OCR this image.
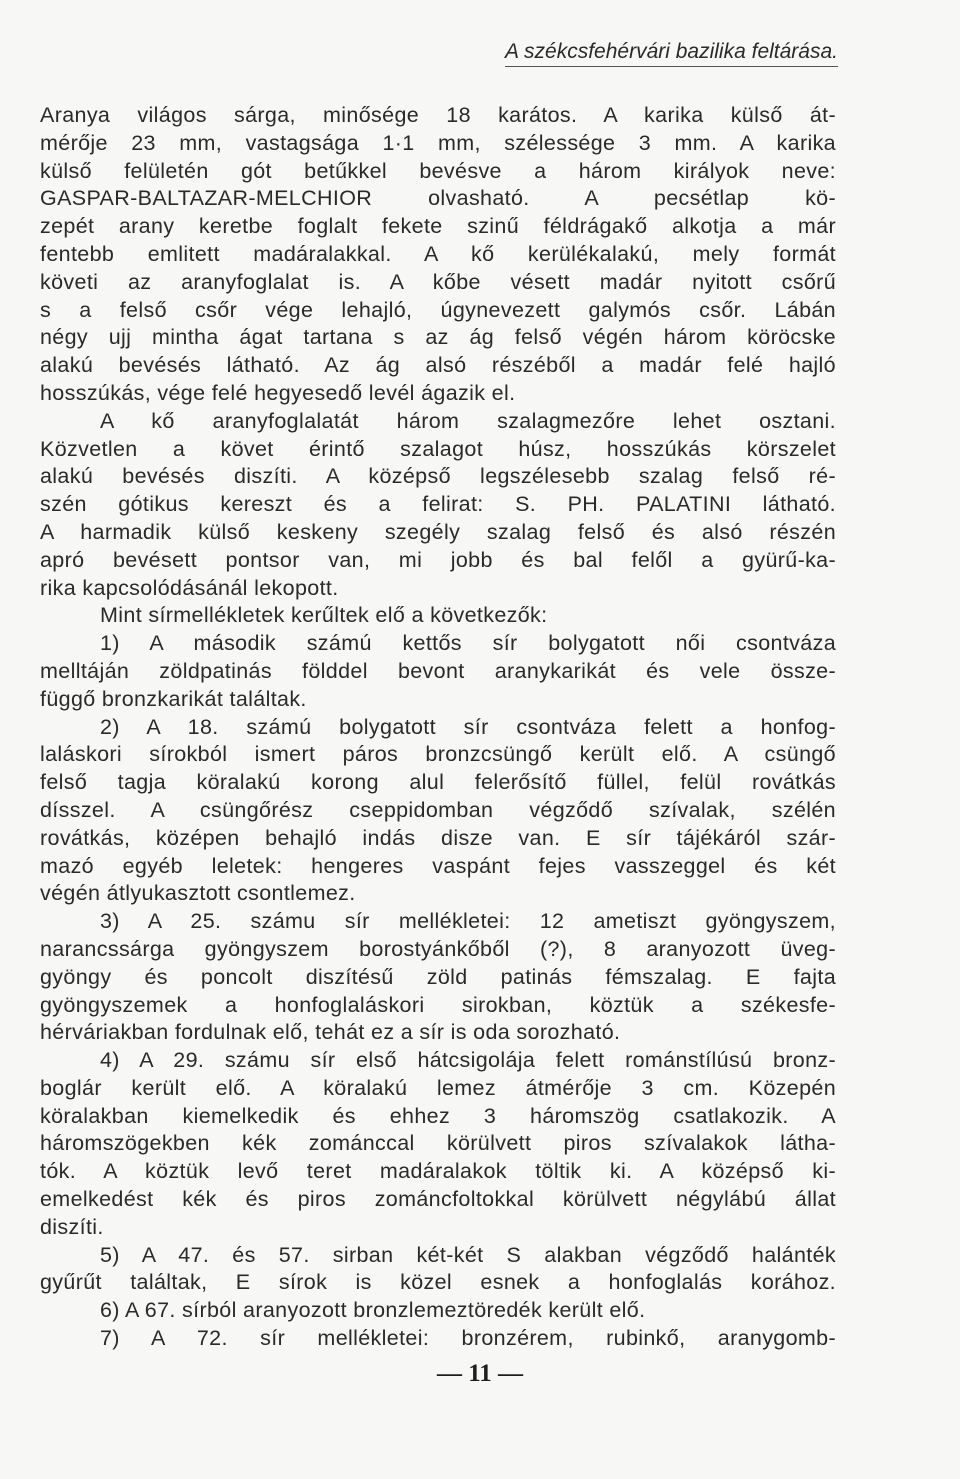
A székcsfehérvári bazilika feltárása.
Aranya világos sárga, minősége 18 karátos. A karika külső át-
mérője 23 mm, vastagsága 1·1 mm, szélessége 3 mm. A karika
külső felületén gót betűkkel bevésve a három királyok neve:
GASPAR-BALTAZAR-MELCHIOR olvasható. A pecsétlap kö-
zepét arany keretbe foglalt fekete szinű féldrágakő alkotja a már
fentebb emlitett madáralakkal. A kő kerülékalakú, mely formát
követi az aranyfoglalat is. A kőbe vésett madár nyitott csőrű
s a felső csőr vége lehajló, úgynevezett galymós csőr. Lábán
négy ujj mintha ágat tartana s az ág felső végén három köröcske
alakú bevésés látható. Az ág alsó részéből a madár felé hajló
hosszúkás, vége felé hegyesedő levél ágazik el.
A kő aranyfoglalatát három szalagmezőre lehet osztani.
Közvetlen a követ érintő szalagot húsz, hosszúkás körszelet
alakú bevésés diszíti. A középső legszélesebb szalag felső ré-
szén gótikus kereszt és a felirat: S. PH. PALATINI látható.
A harmadik külső keskeny szegély szalag felső és alsó részén
apró bevésett pontsor van, mi jobb és bal felől a gyürű-ka-
rika kapcsolódásánál lekopott.
Mint sírmellékletek kerűltek elő a következők:
1) A második számú kettős sír bolygatott női csontváza
melltáján zöldpatinás földdel bevont aranykarikát és vele össze-
függő bronzkarikát találtak.
2) A 18. számú bolygatott sír csontváza felett a honfog-
laláskori sírokból ismert páros bronzcsüngő került elő. A csüngő
felső tagja köralakú korong alul felerősítő füllel, felül rovátkás
dísszel. A csüngőrész cseppidomban végződő szívalak, szélén
rovátkás, középen behajló indás disze van. E sír tájékáról szár-
mazó egyéb leletek: hengeres vaspánt fejes vasszeggel és két
végén átlyukasztott csontlemez.
3) A 25. számu sír mellékletei: 12 ametiszt gyöngyszem,
narancssárga gyöngyszem borostyánkőből (?), 8 aranyozott üveg-
gyöngy és poncolt diszítésű zöld patinás fémszalag. E fajta
gyöngyszemek a honfoglaláskori sirokban, köztük a székesfe-
hérváriakban fordulnak elő, tehát ez a sír is oda sorozható.
4) A 29. számu sír első hátcsigolája felett románstílúsú bronz-
boglár került elő. A köralakú lemez átmérője 3 cm. Közepén
köralakban kiemelkedik és ehhez 3 háromszög csatlakozik. A
háromszögekben kék zománccal körülvett piros szívalakok látha-
tók. A köztük levő teret madáralakok töltik ki. A középső ki-
emelkedést kék és piros zománcfoltokkal körülvett négylábú állat
diszíti.
5) A 47. és 57. sirban két-két S alakban végződő halánték
gyűrűt találtak, E sírok is közel esnek a honfoglalás korához.
6) A 67. sírból aranyozott bronzlemeztöredék került elő.
7) A 72. sír mellékletei: bronzérem, rubinkő, aranygomb-
— 11 —
